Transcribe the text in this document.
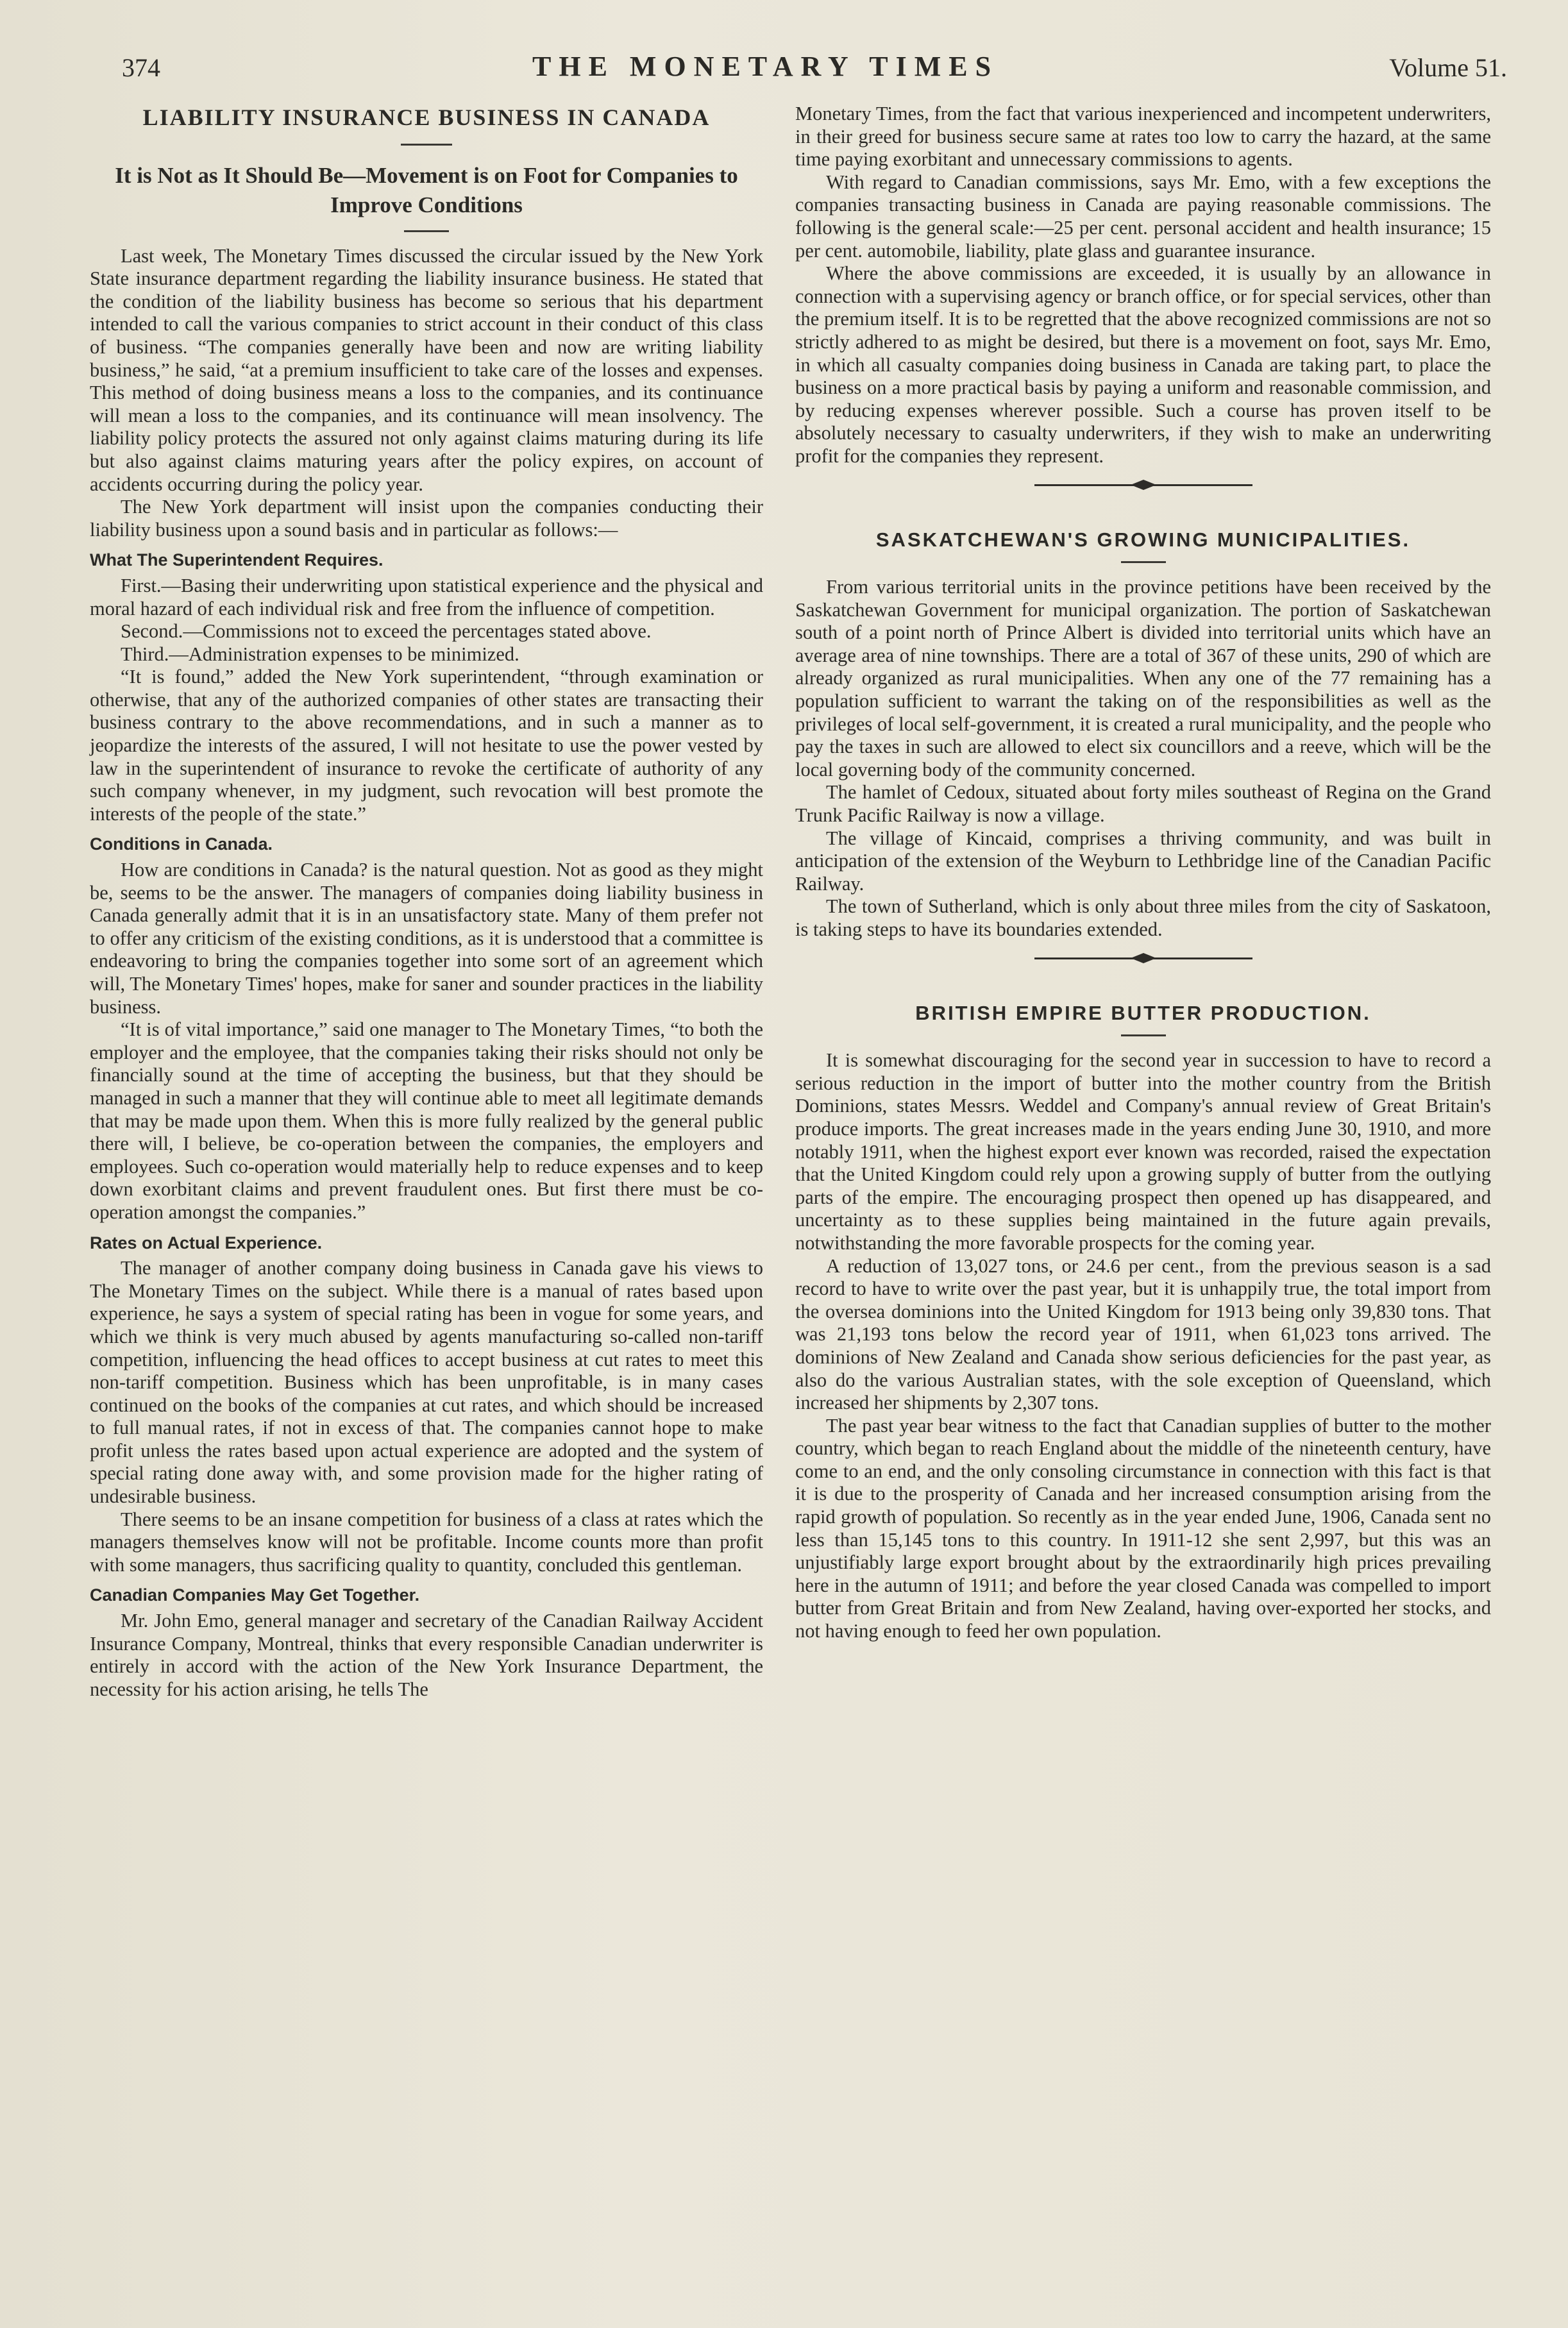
374	THE MONETARY TIMES	Volume 51.
LIABILITY INSURANCE BUSINESS IN CANADA
It is Not as It Should Be—Movement is on Foot for Companies to Improve Conditions

Last week, The Monetary Times discussed the circular issued by the New York State insurance department regarding the liability insurance business. He stated that the condition of the liability business has become so serious that his department intended to call the various companies to strict account in their conduct of this class of business. “The companies generally have been and now are writing liability business,” he said, “at a premium insufficient to take care of the losses and expenses. This method of doing business means a loss to the companies, and its continuance will mean a loss to the companies, and its continuance will mean insolvency. The liability policy protects the assured not only against claims maturing during its life but also against claims maturing years after the policy expires, on account of accidents occurring during the policy year.

The New York department will insist upon the companies conducting their liability business upon a sound basis and in particular as follows:—

What The Superintendent Requires.

First.—Basing their underwriting upon statistical experience and the physical and moral hazard of each individual risk and free from the influence of competition.

Second.—Commissions not to exceed the percentages stated above.

Third.—Administration expenses to be minimized.

“It is found,” added the New York superintendent, “through examination or otherwise, that any of the authorized companies of other states are transacting their business contrary to the above recommendations, and in such a manner as to jeopardize the interests of the assured, I will not hesitate to use the power vested by law in the superintendent of insurance to revoke the certificate of authority of any such company whenever, in my judgment, such revocation will best promote the interests of the people of the state.”

Conditions in Canada.

How are conditions in Canada? is the natural question. Not as good as they might be, seems to be the answer. The managers of companies doing liability business in Canada generally admit that it is in an unsatisfactory state. Many of them prefer not to offer any criticism of the existing conditions, as it is understood that a committee is endeavoring to bring the companies together into some sort of an agreement which will, The Monetary Times' hopes, make for saner and sounder practices in the liability business.

“It is of vital importance,” said one manager to The Monetary Times, “to both the employer and the employee, that the companies taking their risks should not only be financially sound at the time of accepting the business, but that they should be managed in such a manner that they will continue able to meet all legitimate demands that may be made upon them. When this is more fully realized by the general public there will, I believe, be co-operation between the companies, the employers and employees. Such co-operation would materially help to reduce expenses and to keep down exorbitant claims and prevent fraudulent ones. But first there must be co-operation amongst the companies.”

Rates on Actual Experience.

The manager of another company doing business in Canada gave his views to The Monetary Times on the subject. While there is a manual of rates based upon experience, he says a system of special rating has been in vogue for some years, and which we think is very much abused by agents manufacturing so-called non-tariff competition, influencing the head offices to accept business at cut rates to meet this non-tariff competition. Business which has been unprofitable, is in many cases continued on the books of the companies at cut rates, and which should be increased to full manual rates, if not in excess of that. The companies cannot hope to make profit unless the rates based upon actual experience are adopted and the system of special rating done away with, and some provision made for the higher rating of undesirable business.

There seems to be an insane competition for business of a class at rates which the managers themselves know will not be profitable. Income counts more than profit with some managers, thus sacrificing quality to quantity, concluded this gentleman.

Canadian Companies May Get Together.

Mr. John Emo, general manager and secretary of the Canadian Railway Accident Insurance Company, Montreal, thinks that every responsible Canadian underwriter is entirely in accord with the action of the New York Insurance Department, the necessity for his action arising, he tells The

Monetary Times, from the fact that various inexperienced and incompetent underwriters, in their greed for business secure same at rates too low to carry the hazard, at the same time paying exorbitant and unnecessary commissions to agents.

With regard to Canadian commissions, says Mr. Emo, with a few exceptions the companies transacting business in Canada are paying reasonable commissions. The following is the general scale:—25 per cent. personal accident and health insurance; 15 per cent. automobile, liability, plate glass and guarantee insurance.

Where the above commissions are exceeded, it is usually by an allowance in connection with a supervising agency or branch office, or for special services, other than the premium itself. It is to be regretted that the above recognized commissions are not so strictly adhered to as might be desired, but there is a movement on foot, says Mr. Emo, in which all casualty companies doing business in Canada are taking part, to place the business on a more practical basis by paying a uniform and reasonable commission, and by reducing expenses wherever possible. Such a course has proven itself to be absolutely necessary to casualty underwriters, if they wish to make an underwriting profit for the companies they represent.

SASKATCHEWAN'S GROWING MUNICIPALITIES.

From various territorial units in the province petitions have been received by the Saskatchewan Government for municipal organization. The portion of Saskatchewan south of a point north of Prince Albert is divided into territorial units which have an average area of nine townships. There are a total of 367 of these units, 290 of which are already organized as rural municipalities. When any one of the 77 remaining has a population sufficient to warrant the taking on of the responsibilities as well as the privileges of local self-government, it is created a rural municipality, and the people who pay the taxes in such are allowed to elect six councillors and a reeve, which will be the local governing body of the community concerned.

The hamlet of Cedoux, situated about forty miles southeast of Regina on the Grand Trunk Pacific Railway is now a village.

The village of Kincaid, comprises a thriving community, and was built in anticipation of the extension of the Weyburn to Lethbridge line of the Canadian Pacific Railway.

The town of Sutherland, which is only about three miles from the city of Saskatoon, is taking steps to have its boundaries extended.

BRITISH EMPIRE BUTTER PRODUCTION.

It is somewhat discouraging for the second year in succession to have to record a serious reduction in the import of butter into the mother country from the British Dominions, states Messrs. Weddel and Company's annual review of Great Britain's produce imports. The great increases made in the years ending June 30, 1910, and more notably 1911, when the highest export ever known was recorded, raised the expectation that the United Kingdom could rely upon a growing supply of butter from the outlying parts of the empire. The encouraging prospect then opened up has disappeared, and uncertainty as to these supplies being maintained in the future again prevails, notwithstanding the more favorable prospects for the coming year.

A reduction of 13,027 tons, or 24.6 per cent., from the previous season is a sad record to have to write over the past year, but it is unhappily true, the total import from the oversea dominions into the United Kingdom for 1913 being only 39,830 tons. That was 21,193 tons below the record year of 1911, when 61,023 tons arrived. The dominions of New Zealand and Canada show serious deficiencies for the past year, as also do the various Australian states, with the sole exception of Queensland, which increased her shipments by 2,307 tons.

The past year bear witness to the fact that Canadian supplies of butter to the mother country, which began to reach England about the middle of the nineteenth century, have come to an end, and the only consoling circumstance in connection with this fact is that it is due to the prosperity of Canada and her increased consumption arising from the rapid growth of population. So recently as in the year ended June, 1906, Canada sent no less than 15,145 tons to this country. In 1911-12 she sent 2,997, but this was an unjustifiably large export brought about by the extraordinarily high prices prevailing here in the autumn of 1911; and before the year closed Canada was compelled to import butter from Great Britain and from New Zealand, having over-exported her stocks, and not having enough to feed her own population.
